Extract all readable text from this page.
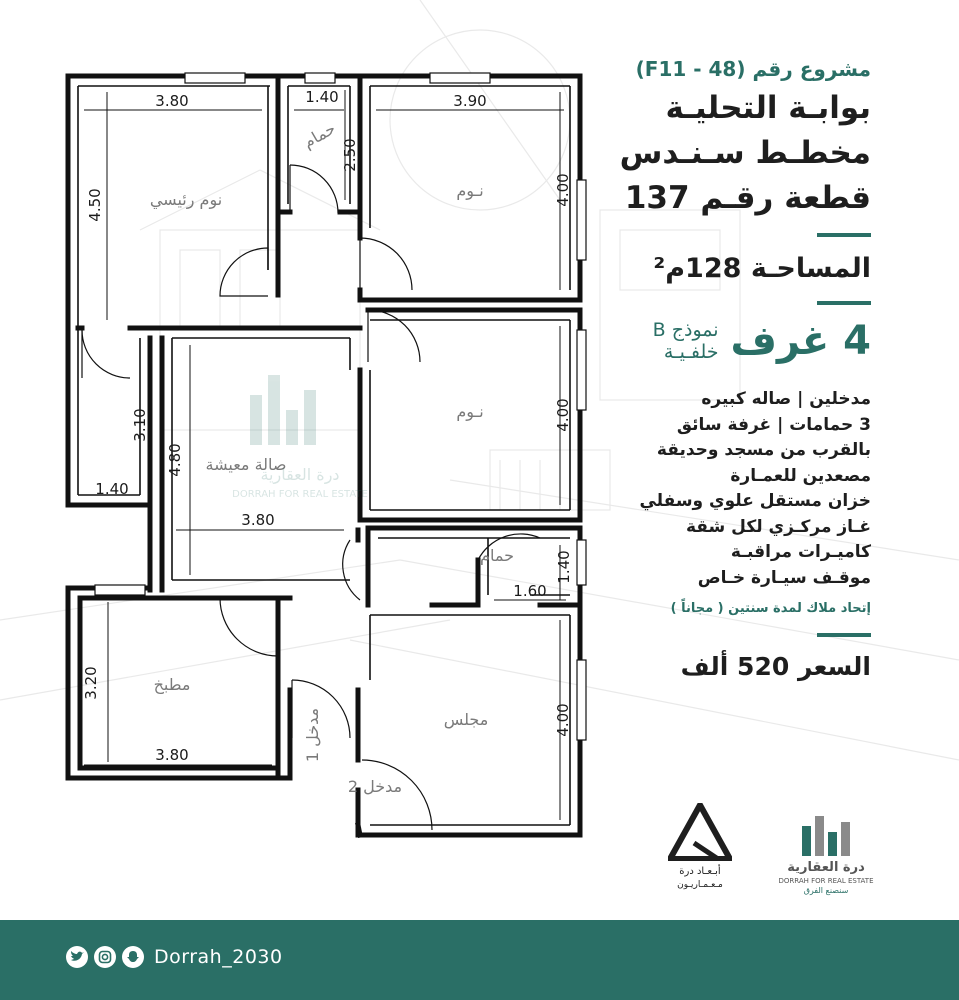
3.80
4.50
1.40
2.50
3.90
4.00
4.00
3.10
1.40
4.80
3.80
1.60
1.40
3.20
3.80
4.00
نوم رئيسي
حمام
نـوم
نـوم
صالة معيشة
حمام
مطبخ
مجلس
مدخل 1
مدخل 2
درة العقارية
DORRAH FOR REAL ESTATE
مشروع رقم (F11 - 48)
بوابـة التحليـة
مخطـط سـنـدس
قطعة رقـم 137
المساحـة 128م²
4 غرف
نموذج B
خلفـيـة
مدخلين | صاله كبيره
3 حمامات | غرفة سائق
بالقرب من مسجد وحديقة
مصعدين للعمـارة
خزان مستقل علوي وسفلي
غـاز مركـزي لكل شقة
كاميـرات مراقبـة
موقـف سيـارة خـاص
إتحاد ملاك لمدة سنتين ( مجاناً )
السعر 520 ألف
أبـعـاد درة
مـعـمـاريـون
درة العقارية
DORRAH FOR REAL ESTATE
سنصنع الفرق
Dorrah_2030
